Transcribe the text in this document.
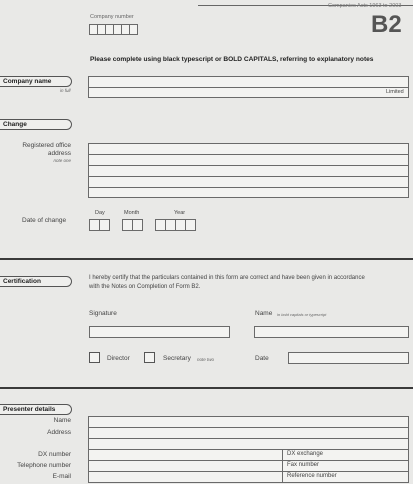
Companies Acts 1963 to 2003
B2
Company number
Please complete using black typescript or BOLD CAPITALS, referring to explanatory notes
Company name
in full	Limited
Change
Registered office
address
note one
Date of change
Day	Month	Year
Certification	I hereby certify that the particulars contained in this form are correct and have been given in accordance
with the Notes on Completion of Form B2.
Signature	Name in bold capitals or typescript
Director	Secretary note two	Date
Presenter details
Name
Address
DX number
Telephone number
E-mail
DX exchange
Fax number
Reference number
